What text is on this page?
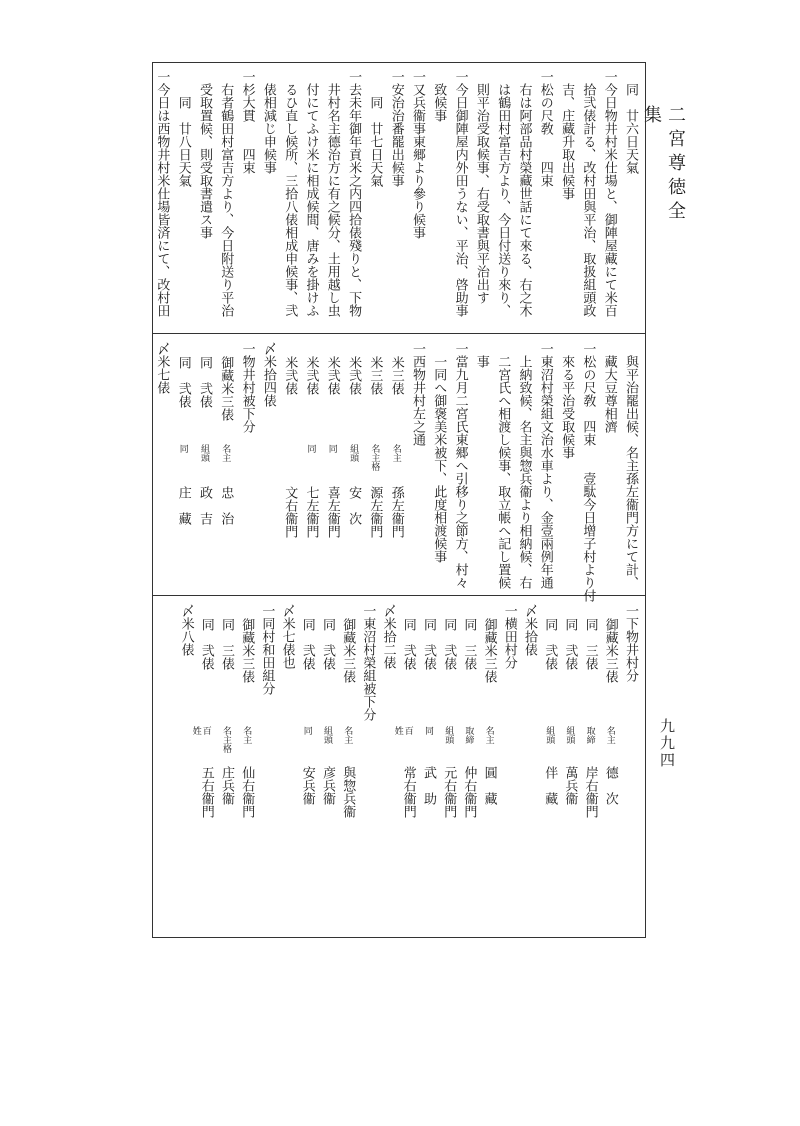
二宮尊徳全集
九九四
　同　廿六日天氣
一今日物井村米仕場と、御陣屋藏にて米百
　拾弐俵計る、改村田與平治、取扱組頭政
　吉、庄藏升取出候事
一松の尺敎　　四束
　右は阿部品村榮藏世話にて來る、右之木
　は鶴田村富吉方より、今日付送り來り、
　則平治受取候事、右受取書與平治出す
一今日御陣屋内外田うない、平治、啓助事
　致候事
一又兵衞事東郷より參り候事
一安治治番罷出候事
　　同　廿七日天氣
一去未年御年貢米之内四拾俵殘りと、下物
　井村名主德治方に有之候分、土用越し虫
　付にてふけ米に相成候間、唐みを掛けふ
　るひ直し候所、三拾八俵相成申候事、弐
　俵相減じ申候事
一杉大貫　　四束
　右者鶴田村富吉方より、今日附送り平治
　受取置候、則受取書遣ス事
　　同　廿八日天氣
一今日は西物井村米仕場皆済にて、改村田
　與平治罷出候、名主孫左衞門方にて計、
　藏大豆尊相濟
一松の尺敎　四束　　壹駄今日增子村より付
　來る平治受取候事
一東沼村榮組文治水車より、金壹兩例年通
　上納致候、名主與惣兵衞より相納候、右
　二宮氏へ相渡し候事、取立帳へ記し置候
　事
一當九月二宮氏東郷へ引移り之節方、村々
　一同へ御褒美米被下、此度相渡候事
一西物井村左之通
米三俵
名主
孫左衞門
米三俵
名主格
源左衞門
米弐俵
組頭
安　次
米弐俵
同
喜左衞門
米弐俵
同
七左衞門
米弐俵
文右衞門
〆米拾四俵
一物井村被下分
御藏米三俵
名主
忠　治
同　弐俵
組頭
政　吉
同　弐俵
同
庄　藏
〆米七俵
一下物井村分
御藏米三俵
名主
德　次
同　三俵
取締
岸右衞門
同　弐俵
組頭
萬兵衞
同　弐俵
組頭
伴　藏
〆米拾俵
一横田村分
御藏米三俵
名主
圓　藏
同　三俵
取締
仲右衞門
同　弐俵
組頭
元右衞門
同　弐俵
同
武　助
同　弐俵
百
姓
常右衞門
〆米拾二俵
一東沼村榮組被下分
御藏米三俵
名主
與惣兵衞
同　弐俵
組頭
彦兵衞
同　弐俵
同
安兵衞
〆米七俵也
一同村和田組分
御藏米三俵
名主
仙右衞門
同　三俵
名主格
庄兵衞
同　弐俵
百
姓
五右衞門
〆米八俵
